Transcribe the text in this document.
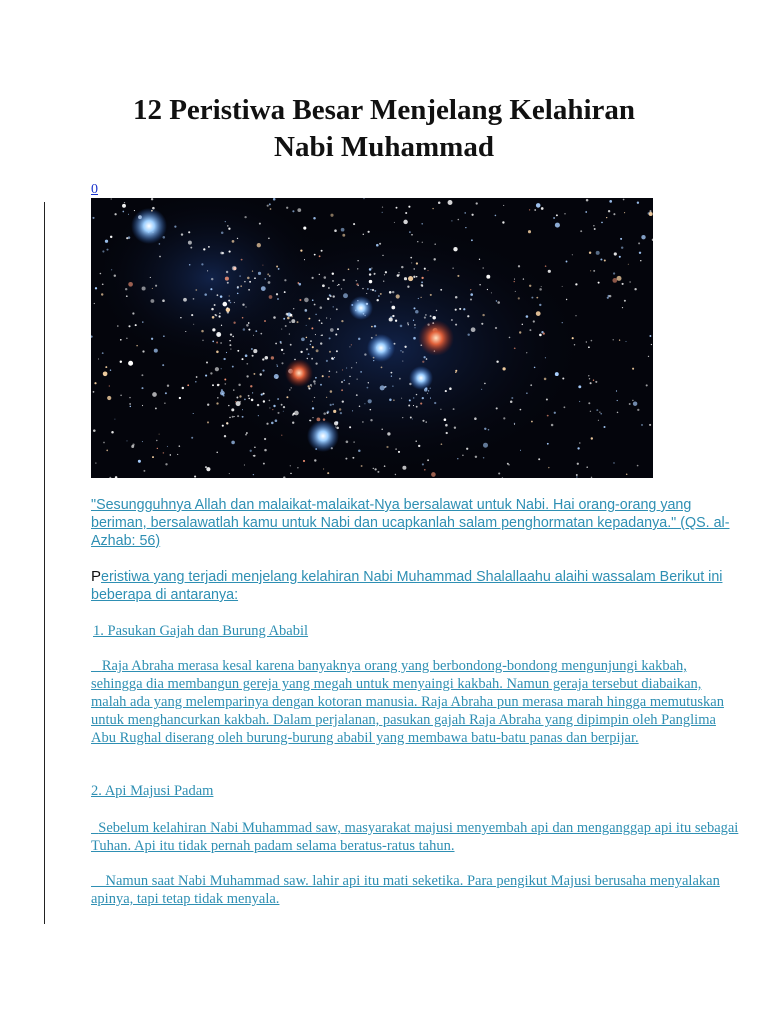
12 Peristiwa Besar Menjelang Kelahiran
Nabi Muhammad
0
"Sesungguhnya Allah dan malaikat-malaikat-Nya bersalawat untuk Nabi. Hai orang-orang yang beriman, bersalawatlah kamu untuk Nabi dan ucapkanlah salam penghormatan kepadanya." (QS. al-Azhab: 56)
Peristiwa yang terjadi menjelang kelahiran Nabi Muhammad Shalallaahu alaihi wassalam Berikut ini beberapa di antaranya:
1. Pasukan Gajah dan Burung Ababil
Raja Abraha merasa kesal karena banyaknya orang yang berbondong-bondong mengunjungi kakbah, sehingga dia membangun gereja yang megah untuk menyaingi kakbah. Namun geraja tersebut diabaikan, malah ada yang melemparinya dengan kotoran manusia. Raja Abraha pun merasa marah hingga memutuskan untuk menghancurkan kakbah. Dalam perjalanan, pasukan gajah Raja Abraha yang dipimpin oleh Panglima Abu Rughal diserang oleh burung-burung ababil yang membawa batu-batu panas dan berpijar.
2. Api Majusi Padam
Sebelum kelahiran Nabi Muhammad saw, masyarakat majusi menyembah api dan menganggap api itu sebagai Tuhan. Api itu tidak pernah padam selama beratus-ratus tahun.
Namun saat Nabi Muhammad saw. lahir api itu mati seketika. Para pengikut Majusi berusaha menyalakan apinya, tapi tetap tidak menyala.
